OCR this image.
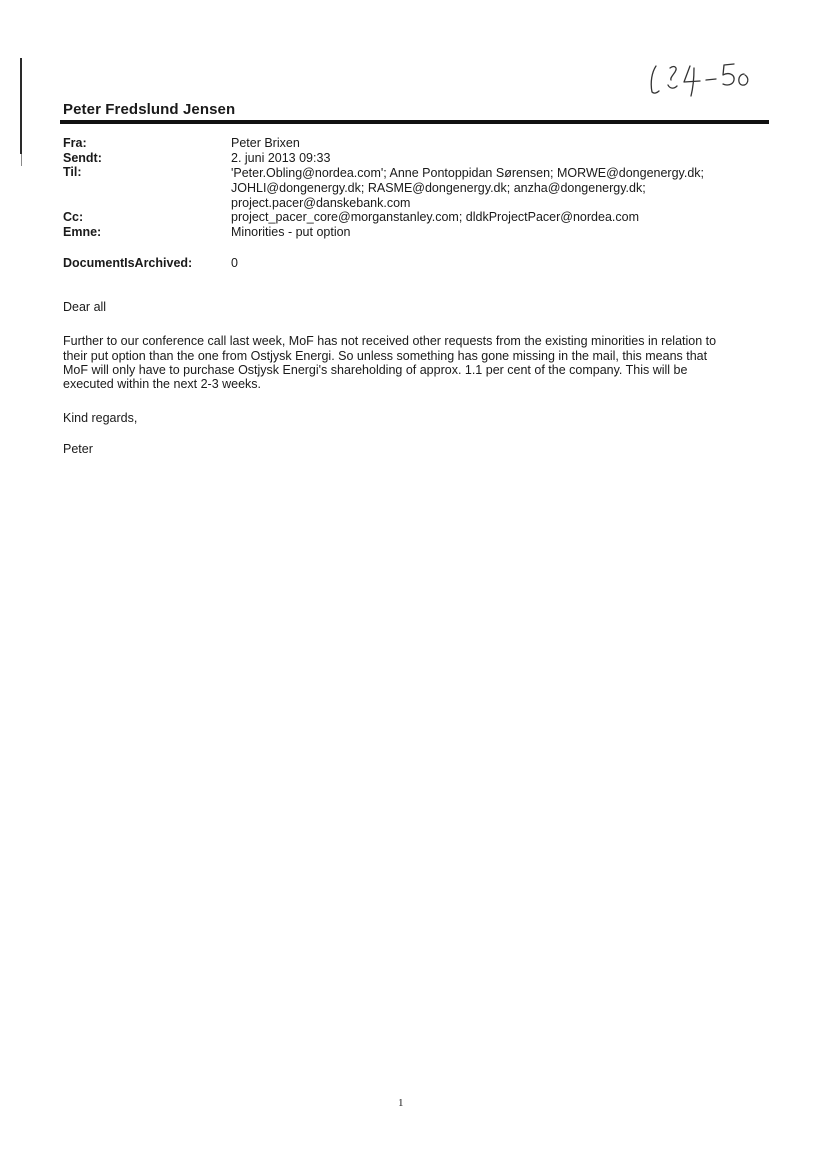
Peter Fredslund Jensen
Fra:	Peter Brixen
Sendt:	2. juni 2013 09:33
Til:	'Peter.Obling@nordea.com'; Anne Pontoppidan Sørensen; MORWE@dongenergy.dk;
JOHLI@dongenergy.dk; RASME@dongenergy.dk; anzha@dongenergy.dk;
project.pacer@danskebank.com
Cc:	project_pacer_core@morganstanley.com; dldkProjectPacer@nordea.com
Emne:	Minorities - put option
DocumentIsArchived:	0
Dear all
Further to our conference call last week, MoF has not received other requests from the existing minorities in relation to
their put option than the one from Ostjysk Energi. So unless something has gone missing in the mail, this means that
MoF will only have to purchase Ostjysk Energi's shareholding of approx. 1.1 per cent of the company. This will be
executed within the next 2-3 weeks.
Kind regards,
Peter
1
